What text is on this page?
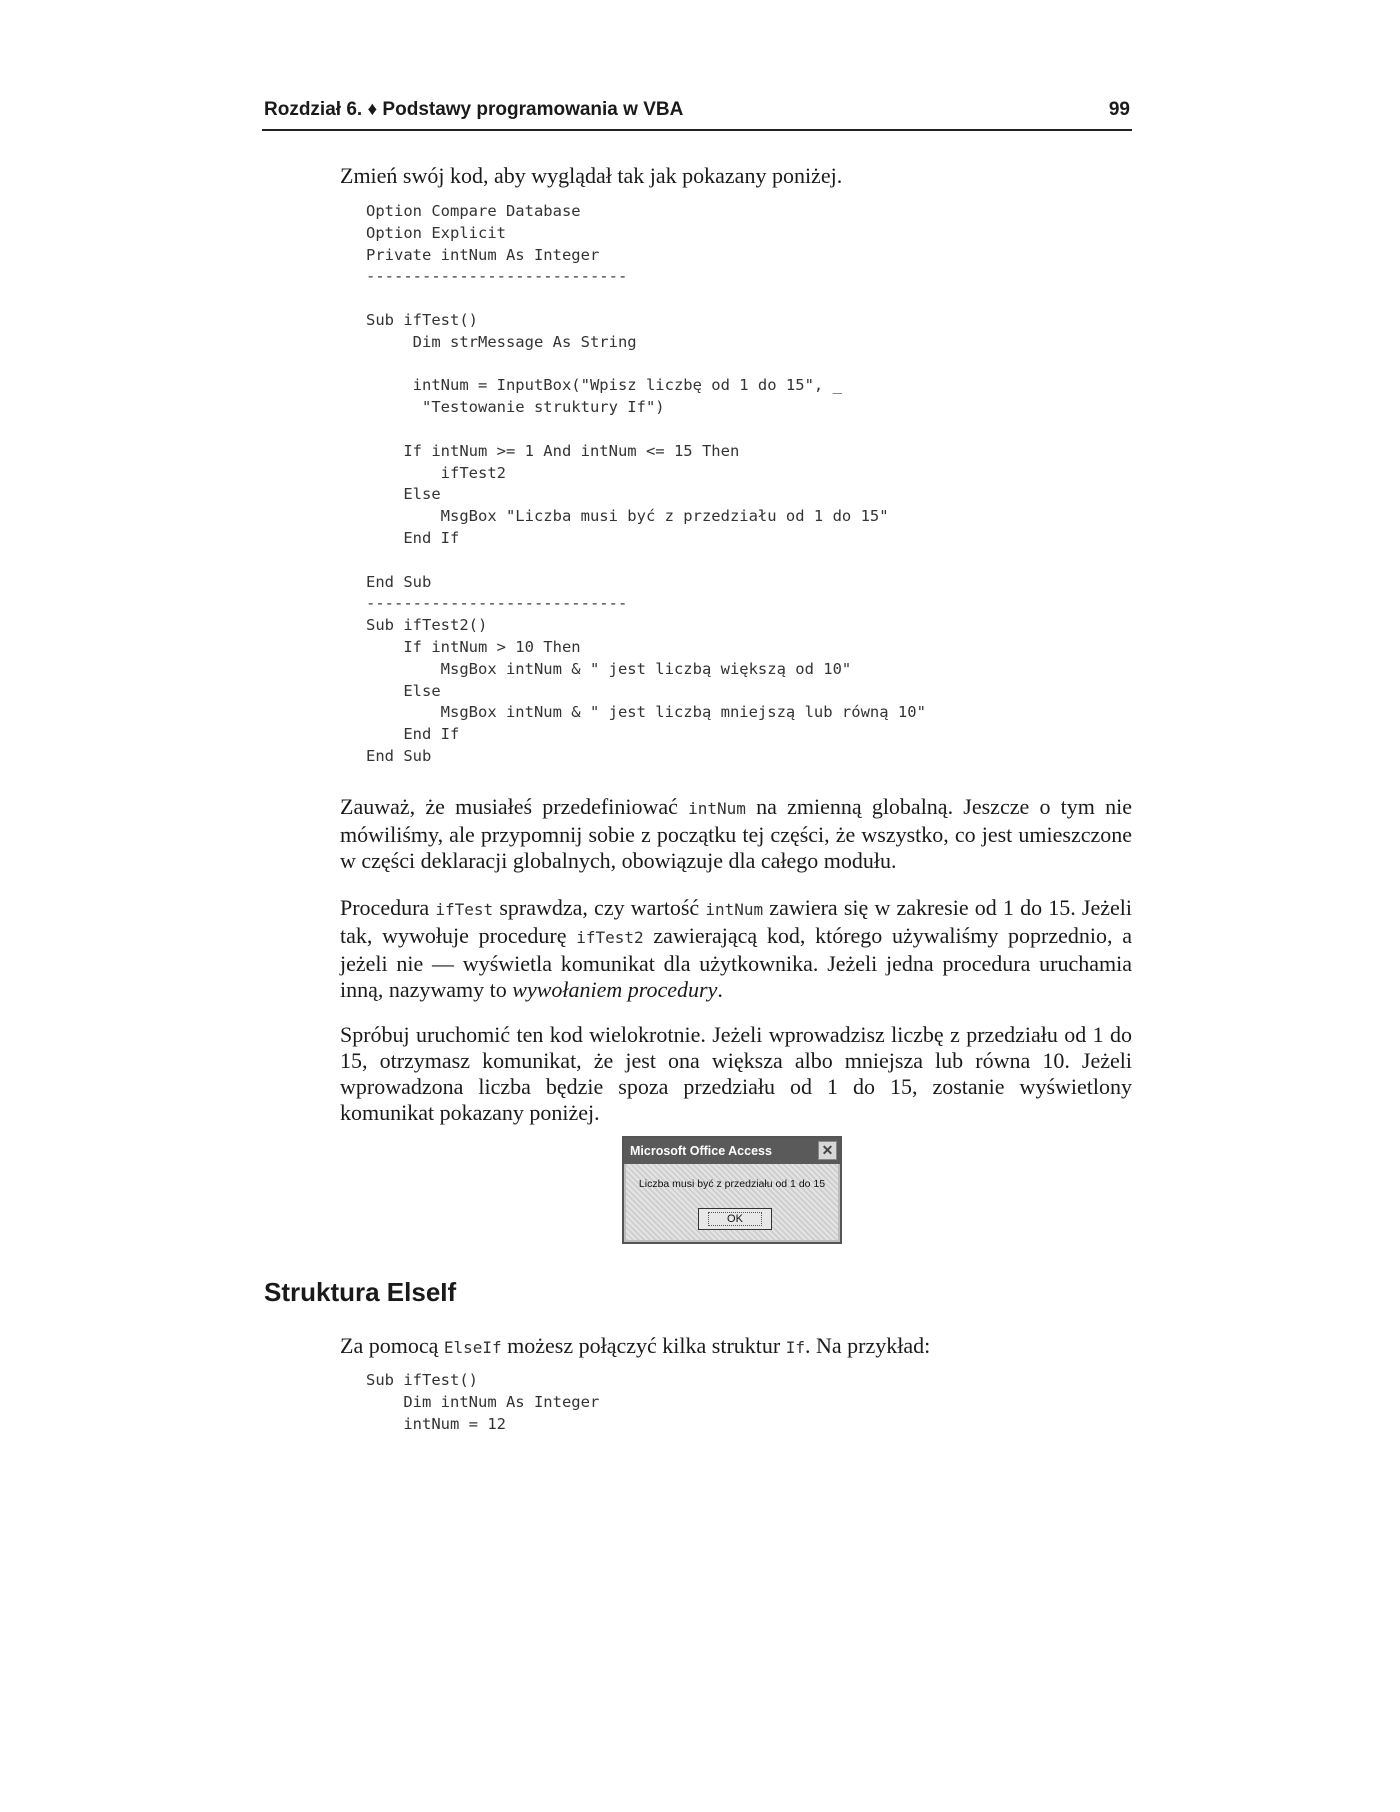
Rozdział 6. ♦ Podstawy programowania w VBA	99

Zmień swój kod, aby wyglądał tak jak pokazany poniżej.

Option Compare Database
Option Explicit
Private intNum As Integer
----------------------------

Sub ifTest()
Dim strMessage As String

intNum = InputBox("Wpisz liczbę od 1 do 15", _
"Testowanie struktury If")

If intNum >= 1 And intNum <= 15 Then
ifTest2
Else
MsgBox "Liczba musi być z przedziału od 1 do 15"
End If

End Sub
----------------------------
Sub ifTest2()
If intNum > 10 Then
MsgBox intNum & " jest liczbą większą od 10"
Else
MsgBox intNum & " jest liczbą mniejszą lub równą 10"
End If
End Sub

Zauważ, że musiałeś przedefiniować intNum na zmienną globalną. Jeszcze o tym nie mówiliśmy, ale przypomnij sobie z początku tej części, że wszystko, co jest umieszczone w części deklaracji globalnych, obowiązuje dla całego modułu.

Procedura ifTest sprawdza, czy wartość intNum zawiera się w zakresie od 1 do 15. Jeżeli tak, wywołuje procedurę ifTest2 zawierającą kod, którego używaliśmy poprzednio, a jeżeli nie — wyświetla komunikat dla użytkownika. Jeżeli jedna procedura uruchamia inną, nazywamy to wywołaniem procedury.

Spróbuj uruchomić ten kod wielokrotnie. Jeżeli wprowadzisz liczbę z przedziału od 1 do 15, otrzymasz komunikat, że jest ona większa albo mniejsza lub równa 10. Jeżeli wprowadzona liczba będzie spoza przedziału od 1 do 15, zostanie wyświetlony komunikat pokazany poniżej.

Microsoft Office Access	✕
Liczba musi być z przedziału od 1 do 15
OK
Struktura ElseIf

Za pomocą ElseIf możesz połączyć kilka struktur If. Na przykład:

Sub ifTest()
Dim intNum As Integer
intNum = 12
